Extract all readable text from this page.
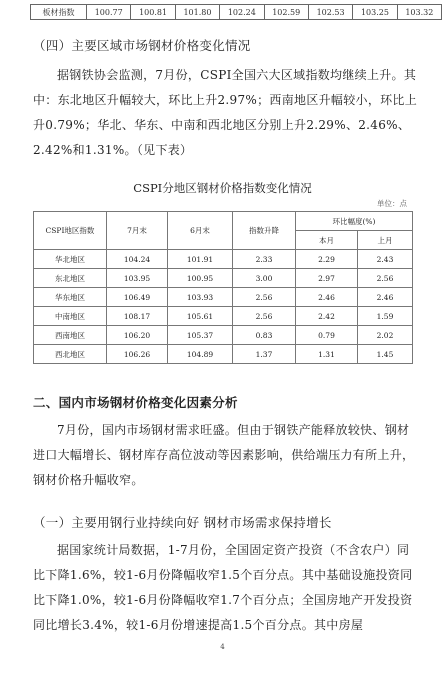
板材指数	100.77	100.81	101.80	102.24	102.59	102.53	103.25	103.32

（四）主要区域市场钢材价格变化情况

据钢铁协会监测，7月份，CSPI全国六大区域指数均继续上升。其中：东北地区升幅较大，环比上升2.97%；西南地区升幅较小，环比上升0.79%；华北、华东、中南和西北地区分别上升2.29%、2.46%、2.42%和1.31%。（见下表）

CSPI分地区钢材价格指数变化情况
单位：点
CSPI地区指数	7月末	6月末	指数升降	环比幅度(%)	
				本月	上月
华北地区	104.24	101.91	2.33	2.29	2.43
东北地区	103.95	100.95	3.00	2.97	2.56
华东地区	106.49	103.93	2.56	2.46	2.46
中南地区	108.17	105.61	2.56	2.42	1.59
西南地区	106.20	105.37	0.83	0.79	2.02
西北地区	106.26	104.89	1.37	1.31	1.45

二、国内市场钢材价格变化因素分析

7月份，国内市场钢材需求旺盛。但由于钢铁产能释放较快、钢材进口大幅增长、钢材库存高位波动等因素影响，供给端压力有所上升，钢材价格升幅收窄。

（一）主要用钢行业持续向好 钢材市场需求保持增长

据国家统计局数据，1-7月份，全国固定资产投资（不含农户）同比下降1.6%，较1-6月份降幅收窄1.5个百分点。其中基础设施投资同比下降1.0%，较1-6月份降幅收窄1.7个百分点；全国房地产开发投资同比增长3.4%，较1-6月份增速提高1.5个百分点。其中房屋

4
